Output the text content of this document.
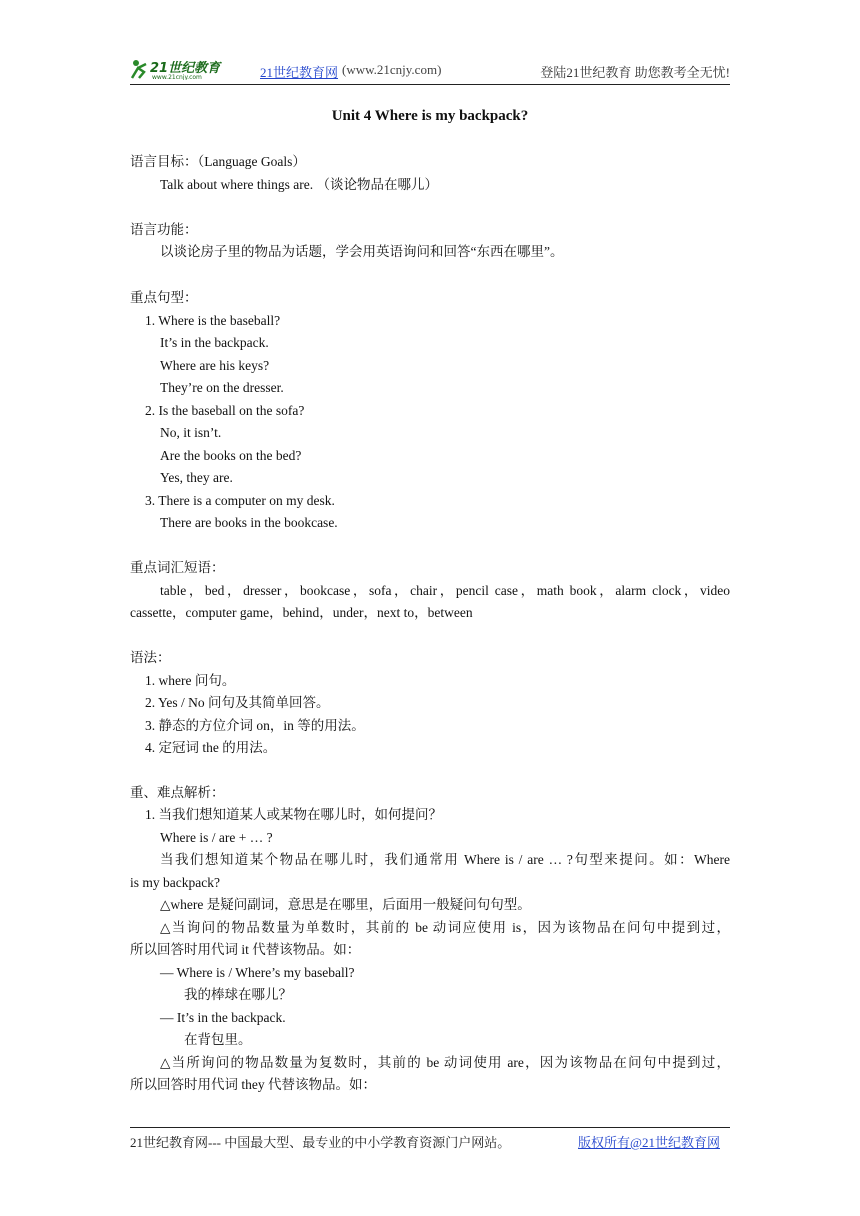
21世纪教育
www.21cnjy.com	21世纪教育网 (www.21cnjy.com)	登陆21世纪教育 助您教考全无忧!
Unit 4 Where is my backpack?
语言目标：（Language Goals）
Talk about where things are. （谈论物品在哪儿）
语言功能：
以谈论房子里的物品为话题，学会用英语询问和回答“东西在哪里”。
重点句型：
1. Where is the baseball?
It’s in the backpack.
Where are his keys?
They’re on the dresser.
2. Is the baseball on the sofa?
No, it isn’t.
Are the books on the bed?
Yes, they are.
3. There is a computer on my desk.
There are books in the bookcase.
重点词汇短语：
table，bed，dresser，bookcase，sofa，chair，pencil case，math book，alarm clock，video
cassette，computer game，behind，under，next to，between
语法：
1. where 问句。
2. Yes / No 问句及其简单回答。
3. 静态的方位介词 on，in 等的用法。
4. 定冠词 the 的用法。
重、难点解析：
1. 当我们想知道某人或某物在哪儿时，如何提问？
Where is / are + … ?
当我们想知道某个物品在哪儿时，我们通常用 Where is / are … ?句型来提问。如：Where
is my backpack?
△where 是疑问副词，意思是在哪里，后面用一般疑问句句型。
△当询问的物品数量为单数时，其前的 be 动词应使用 is，因为该物品在问句中提到过，
所以回答时用代词 it 代替该物品。如：
— Where is / Where’s my baseball?
我的棒球在哪儿？
— It’s in the backpack.
在背包里。
△当所询问的物品数量为复数时，其前的 be 动词使用 are，因为该物品在问句中提到过，
所以回答时用代词 they 代替该物品。如：
21世纪教育网--- 中国最大型、最专业的中小学教育资源门户网站。	版权所有@21世纪教育网
